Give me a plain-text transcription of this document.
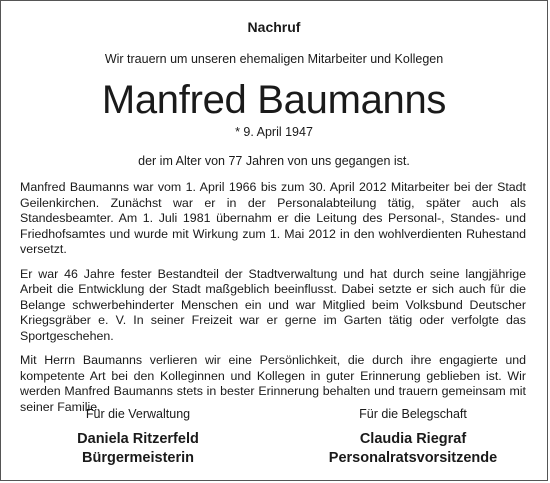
Nachruf
Wir trauern um unseren ehemaligen Mitarbeiter und Kollegen
Manfred Baumanns
* 9. April 1947
der im Alter von 77 Jahren von uns gegangen ist.

Manfred Baumanns war vom 1. April 1966 bis zum 30. April 2012 Mitarbeiter bei der Stadt Geilenkirchen. Zunächst war er in der Personalabteilung tätig, später auch als Standesbeamter. Am 1. Juli 1981 übernahm er die Leitung des Personal-, Standes- und Friedhofsamtes und wurde mit Wirkung zum 1. Mai 2012 in den wohlverdienten Ruhestand versetzt.

Er war 46 Jahre fester Bestandteil der Stadtverwaltung und hat durch seine langjährige Arbeit die Entwicklung der Stadt maßgeblich beeinflusst. Dabei setzte er sich auch für die Belange schwerbehinderter Menschen ein und war Mitglied beim Volksbund Deutscher Kriegsgräber e. V. In seiner Freizeit war er gerne im Garten tätig oder verfolgte das Sportgeschehen.

Mit Herrn Baumanns verlieren wir eine Persönlichkeit, die durch ihre engagierte und kompetente Art bei den Kolleginnen und Kollegen in guter Erinnerung geblieben ist. Wir werden Manfred Baumanns stets in bester Erinnerung behalten und trauern gemeinsam mit seiner Familie.

Für die Verwaltung
Daniela Ritzerfeld
Bürgermeisterin
Für die Belegschaft
Claudia Riegraf
Personalratsvorsitzende
